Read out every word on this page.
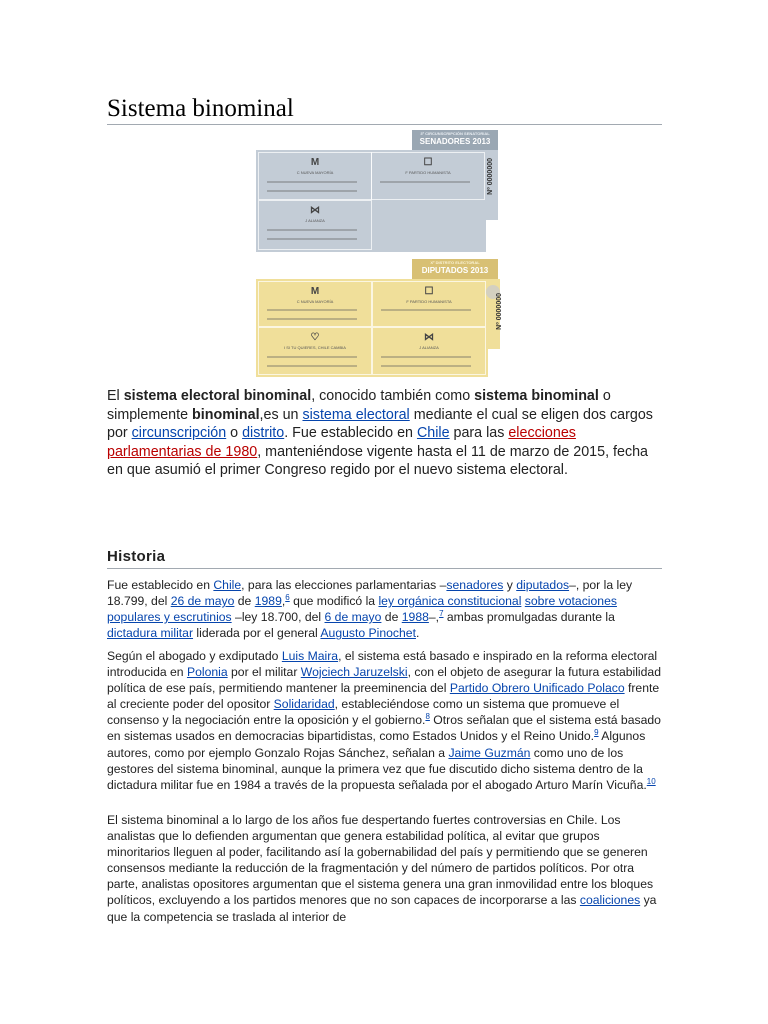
Sistema binominal
3ª CIRCUNSCRIPCIÓN SENATORIAL
SENADORES 2013
M
C NUEVA MAYORÍA
☐
F PARTIDO HUMANISTA
⋈
J ALIANZA
Nº 0000000
Xº DISTRITO ELECTORAL
DIPUTADOS 2013
M
C NUEVA MAYORÍA
☐
F PARTIDO HUMANISTA
♡
I SI TU QUIERES, CHILE CAMBIA
⋈
J ALIANZA
Nº 0000000

El sistema electoral binominal, conocido también como sistema binominal o simplemente binominal,es un sistema electoral mediante el cual se eligen dos cargos por circunscripción o distrito. Fue establecido en Chile para las elecciones parlamentarias de 1980, manteniéndose vigente hasta el 11 de marzo de 2015, fecha en que asumió el primer Congreso regido por el nuevo sistema electoral.

Historia

Fue establecido en Chile, para las elecciones parlamentarias –senadores y diputados–, por la ley 18.799, del 26 de mayo de 1989,$^6$ que modificó la ley orgánica constitucional sobre votaciones populares y escrutinios –ley 18.700, del 6 de mayo de 1988–,$^7$ ambas promulgadas durante la dictadura militar liderada por el general Augusto Pinochet.

Según el abogado y exdiputado Luis Maira, el sistema está basado e inspirado en la reforma electoral introducida en Polonia por el militar Wojciech Jaruzelski, con el objeto de asegurar la futura estabilidad política de ese país, permitiendo mantener la preeminencia del Partido Obrero Unificado Polaco frente al creciente poder del opositor Solidaridad, estableciéndose como un sistema que promueve el consenso y la negociación entre la oposición y el gobierno.$^8$ Otros señalan que el sistema está basado en sistemas usados en democracias bipartidistas, como Estados Unidos y el Reino Unido.$^9$ Algunos autores, como por ejemplo Gonzalo Rojas Sánchez, señalan a Jaime Guzmán como uno de los gestores del sistema binominal, aunque la primera vez que fue discutido dicho sistema dentro de la dictadura militar fue en 1984 a través de la propuesta señalada por el abogado Arturo Marín Vicuña.$^{10}$

El sistema binominal a lo largo de los años fue despertando fuertes controversias en Chile. Los analistas que lo defienden argumentan que genera estabilidad política, al evitar que grupos minoritarios lleguen al poder, facilitando así la gobernabilidad del país y permitiendo que se generen consensos mediante la reducción de la fragmentación y del número de partidos políticos. Por otra parte, analistas opositores argumentan que el sistema genera una gran inmovilidad entre los bloques políticos, excluyendo a los partidos menores que no son capaces de incorporarse a las coaliciones ya que la competencia se traslada al interior de
